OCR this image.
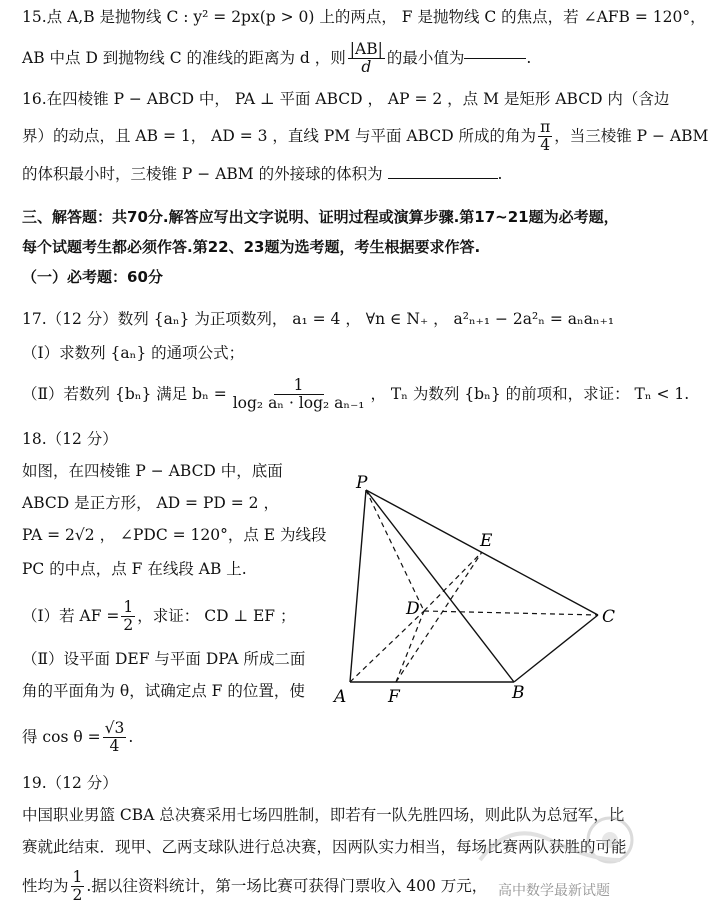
15.点 A,B 是抛物线 C : y² = 2px(p > 0) 上的两点， F 是抛物线 C 的焦点，若 ∠AFB = 120°，
AB 中点 D 到抛物线 C 的准线的距离为 d ，则 $\frac{|AB|}{d}$ 的最小值为	.
16.在四棱锥 P − ABCD 中， PA ⊥ 平面 ABCD ， AP = 2 ，点 M 是矩形 ABCD 内（含边
界）的动点，且 AB = 1， AD = 3 ，直线 PM 与平面 ABCD 所成的角为 $\frac{\pi}{4}$ ，当三棱锥 P − ABM
的体积最小时，三棱锥 P − ABM 的外接球的体积为	.
三、解答题：共70分.解答应写出文字说明、证明过程或演算步骤.第17~21题为必考题，
每个试题考生都必须作答.第22、23题为选考题，考生根据要求作答.
（一）必考题：60分
17.（12 分）数列 {aₙ} 为正项数列， a₁ = 4 ， ∀n ∈ N₊ ， a²ₙ₊₁ − 2a²ₙ = aₙaₙ₊₁
（Ⅰ）求数列 {aₙ} 的通项公式；
（Ⅱ）若数列 {bₙ} 满足 $b_n = \frac{1}{\text{log₂ aₙ · log₂ aₙ₋₁}}$ ， Tₙ 为数列 {bₙ} 的前项和，求证： Tₙ < 1.
18.（12 分）
如图，在四棱锥 P − ABCD 中，底面
ABCD 是正方形， AD = PD = 2 ，
PA = 2√2 ， ∠PDC = 120°，点 E 为线段
PC 的中点，点 F 在线段 AB 上.
（Ⅰ）若 AF = $\frac{1}{2}$ ，求证： CD ⊥ EF ；
（Ⅱ）设平面 DEF 与平面 DPA 所成二面
角的平面角为 θ，试确定点 F 的位置，使
得 $\cos \theta = \frac{√3}{4}$ .
P
A	B
C
D
E
F
19.（12 分）
中国职业男篮 CBA 总决赛采用七场四胜制，即若有一队先胜四场，则此队为总冠军，比
赛就此结束．现甲、乙两支球队进行总决赛，因两队实力相当，每场比赛两队获胜的可能
性均为 $\frac{1}{2}$ .据以往资料统计，第一场比赛可获得门票收入 400 万元， 高中数学最新试题
